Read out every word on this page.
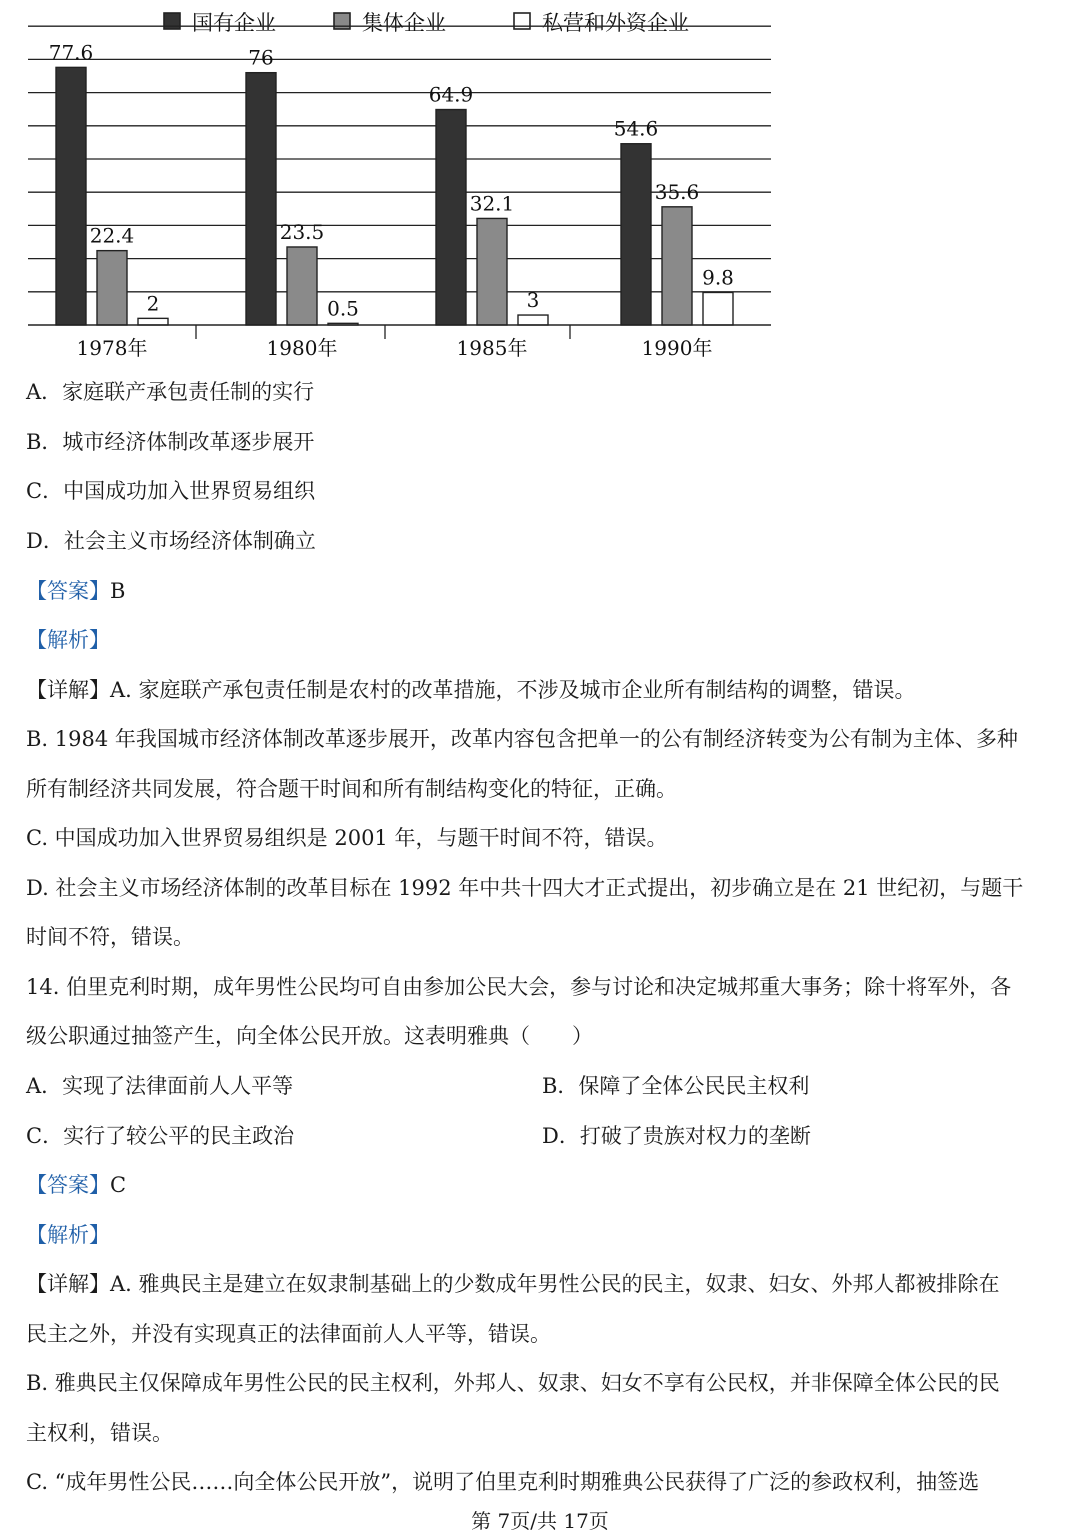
国有企业	集体企业	私营和外资企业
77.6
22.4
2
76
23.5
0.5
64.9
32.1
3
54.6
35.6
9.8
1978年	1980年	1985年	1990年
A．家庭联产承包责任制的实行
B．城市经济体制改革逐步展开
C．中国成功加入世界贸易组织
D．社会主义市场经济体制确立
【答案】B
【解析】
【详解】A. 家庭联产承包责任制是农村的改革措施，不涉及城市企业所有制结构的调整，错误。
B. 1984 年我国城市经济体制改革逐步展开，改革内容包含把单一的公有制经济转变为公有制为主体、多种
所有制经济共同发展，符合题干时间和所有制结构变化的特征，正确。
C. 中国成功加入世界贸易组织是 2001 年，与题干时间不符，错误。
D. 社会主义市场经济体制的改革目标在 1992 年中共十四大才正式提出，初步确立是在 21 世纪初，与题干
时间不符，错误。
14. 伯里克利时期，成年男性公民均可自由参加公民大会，参与讨论和决定城邦重大事务；除十将军外，各
级公职通过抽签产生，向全体公民开放。这表明雅典（　　）
A．实现了法律面前人人平等	B．保障了全体公民民主权利
C．实行了较公平的民主政治	D．打破了贵族对权力的垄断
【答案】C
【解析】
【详解】A. 雅典民主是建立在奴隶制基础上的少数成年男性公民的民主，奴隶、妇女、外邦人都被排除在
民主之外，并没有实现真正的法律面前人人平等，错误。
B. 雅典民主仅保障成年男性公民的民主权利，外邦人、奴隶、妇女不享有公民权，并非保障全体公民的民
主权利，错误。
C. “成年男性公民……向全体公民开放”，说明了伯里克利时期雅典公民获得了广泛的参政权利，抽签选
第 7页/共 17页
